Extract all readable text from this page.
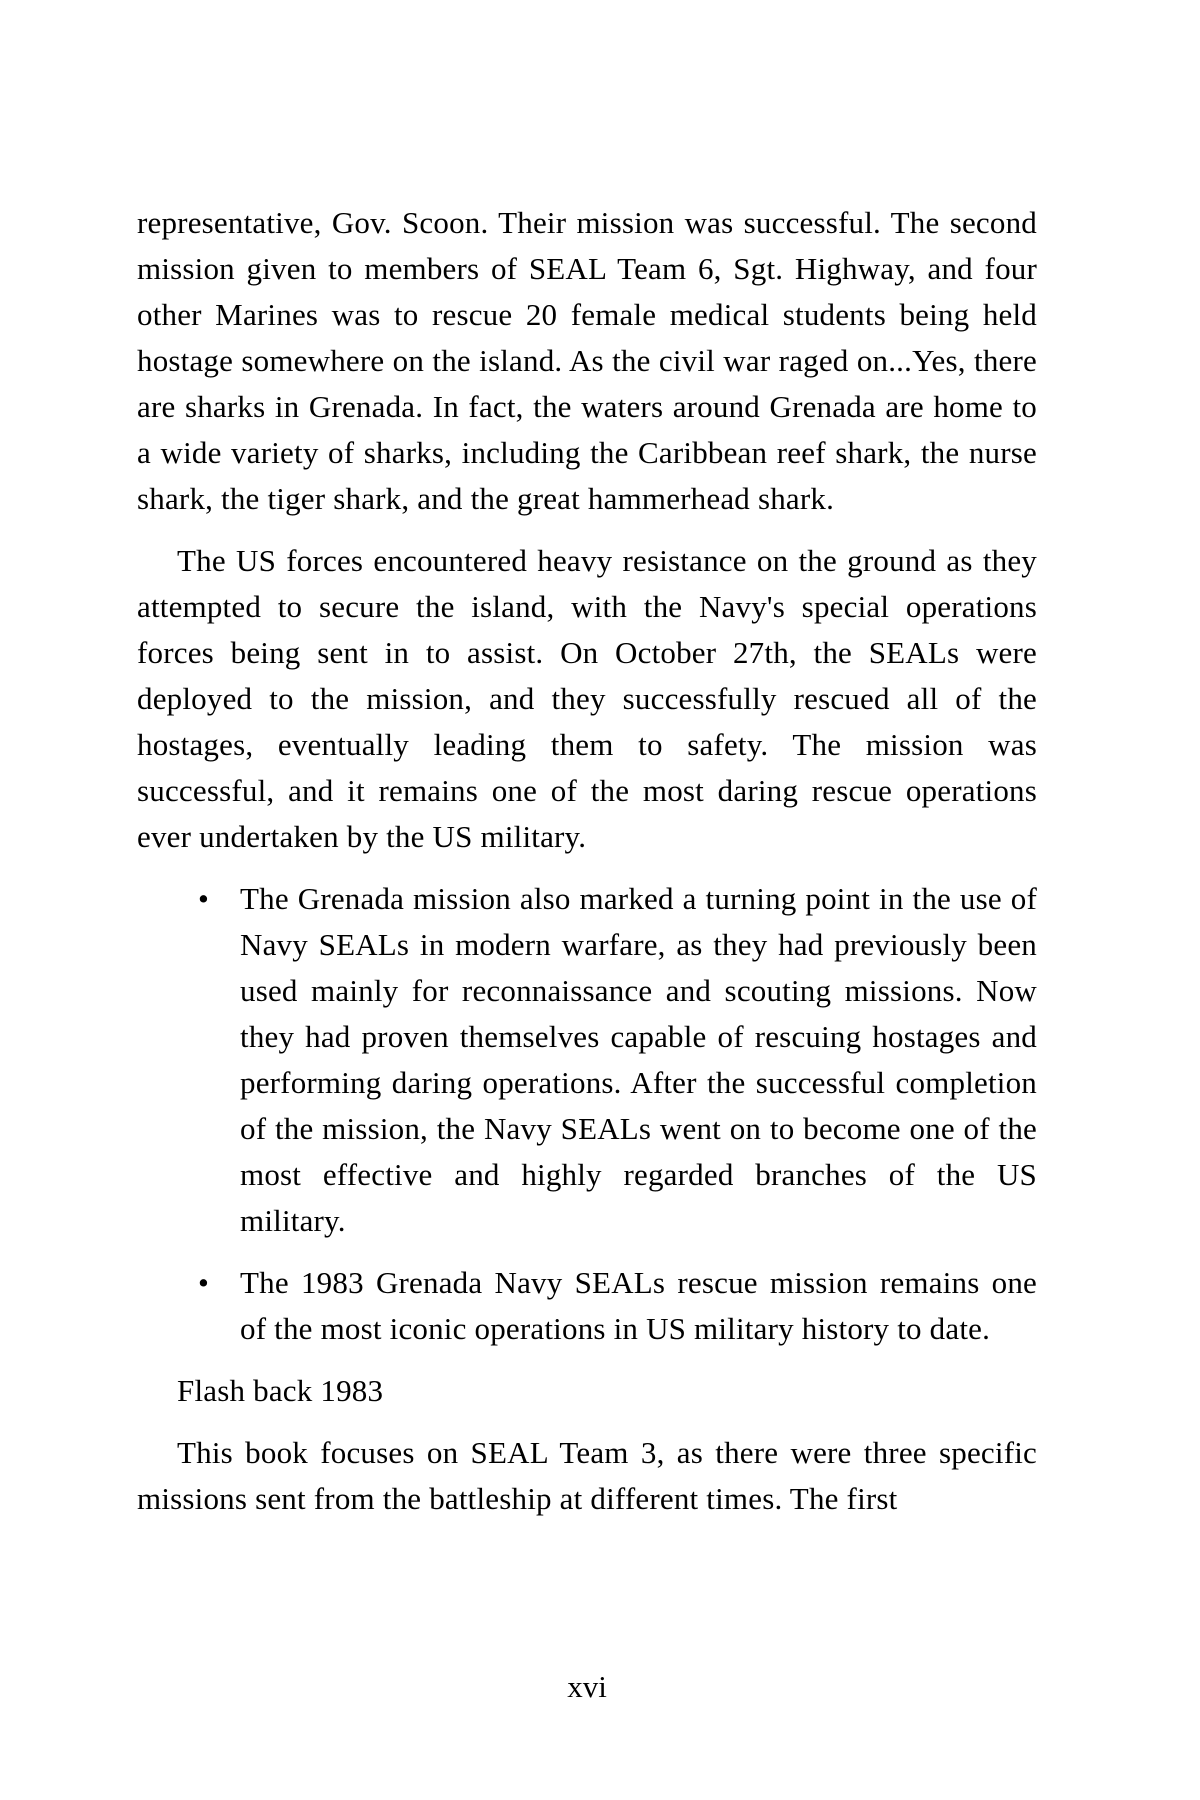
representative, Gov. Scoon. Their mission was successful. The second mission given to members of SEAL Team 6, Sgt. Highway, and four other Marines was to rescue 20 female medical students being held hostage somewhere on the island. As the civil war raged on...Yes, there are sharks in Grenada. In fact, the waters around Grenada are home to a wide variety of sharks, including the Caribbean reef shark, the nurse shark, the tiger shark, and the great hammerhead shark.

The US forces encountered heavy resistance on the ground as they attempted to secure the island, with the Navy's special operations forces being sent in to assist. On October 27th, the SEALs were deployed to the mission, and they successfully rescued all of the hostages, eventually leading them to safety. The mission was successful, and it remains one of the most daring rescue operations ever undertaken by the US military.

• The Grenada mission also marked a turning point in the use of Navy SEALs in modern warfare, as they had previously been used mainly for reconnaissance and scouting missions. Now they had proven themselves capable of rescuing hostages and performing daring operations. After the successful completion of the mission, the Navy SEALs went on to become one of the most effective and highly regarded branches of the US military.
• The 1983 Grenada Navy SEALs rescue mission remains one of the most iconic operations in US military history to date.

Flash back 1983

This book focuses on SEAL Team 3, as there were three specific missions sent from the battleship at different times. The first

xvi
